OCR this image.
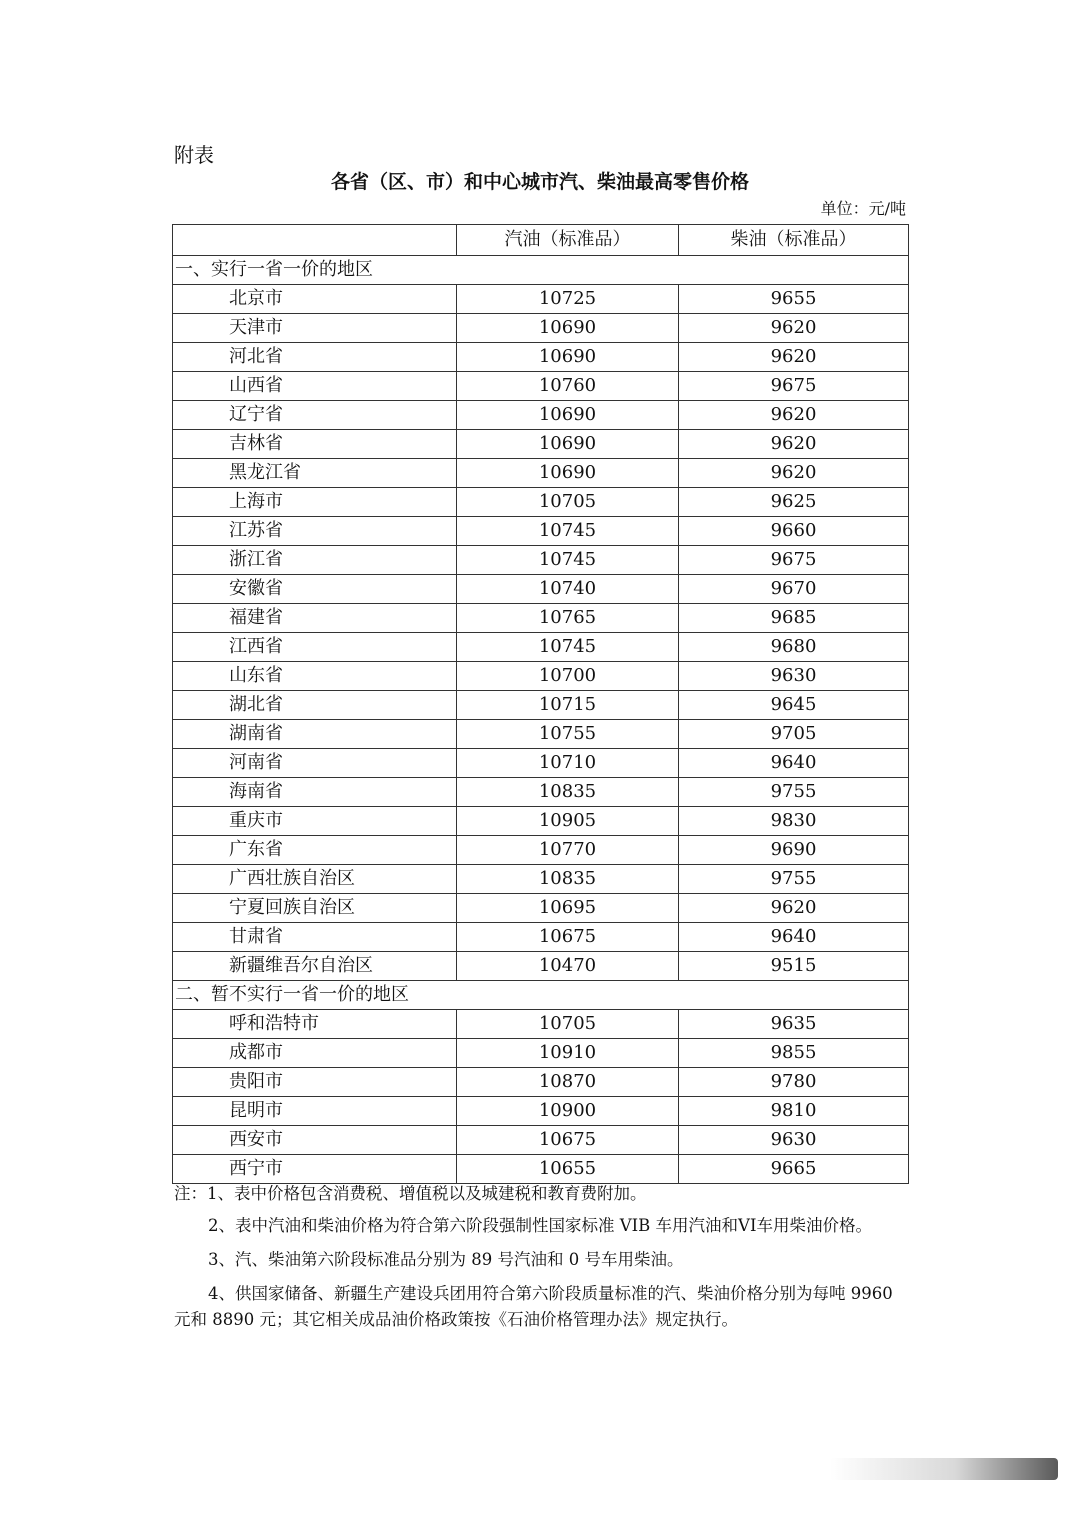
附表

各省（区、市）和中心城市汽、柴油最高零售价格
单位：元/吨
	汽油（标准品）	柴油（标准品）
一、实行一省一价的地区		
北京市	10725	9655
天津市	10690	9620
河北省	10690	9620
山西省	10760	9675
辽宁省	10690	9620
吉林省	10690	9620
黑龙江省	10690	9620
上海市	10705	9625
江苏省	10745	9660
浙江省	10745	9675
安徽省	10740	9670
福建省	10765	9685
江西省	10745	9680
山东省	10700	9630
湖北省	10715	9645
湖南省	10755	9705
河南省	10710	9640
海南省	10835	9755
重庆市	10905	9830
广东省	10770	9690
广西壮族自治区	10835	9755
宁夏回族自治区	10695	9620
甘肃省	10675	9640
新疆维吾尔自治区	10470	9515
二、暂不实行一省一价的地区		
呼和浩特市	10705	9635
成都市	10910	9855
贵阳市	10870	9780
昆明市	10900	9810
西安市	10675	9630
西宁市	10655	9665

注：1、表中价格包含消费税、增值税以及城建税和教育费附加。

2、表中汽油和柴油价格为符合第六阶段强制性国家标准 VIB 车用汽油和VI车用柴油价格。

3、汽、柴油第六阶段标准品分别为 89 号汽油和 0 号车用柴油。

4、供国家储备、新疆生产建设兵团用符合第六阶段质量标准的汽、柴油价格分别为每吨 9960 元和 8890 元；其它相关成品油价格政策按《石油价格管理办法》规定执行。
